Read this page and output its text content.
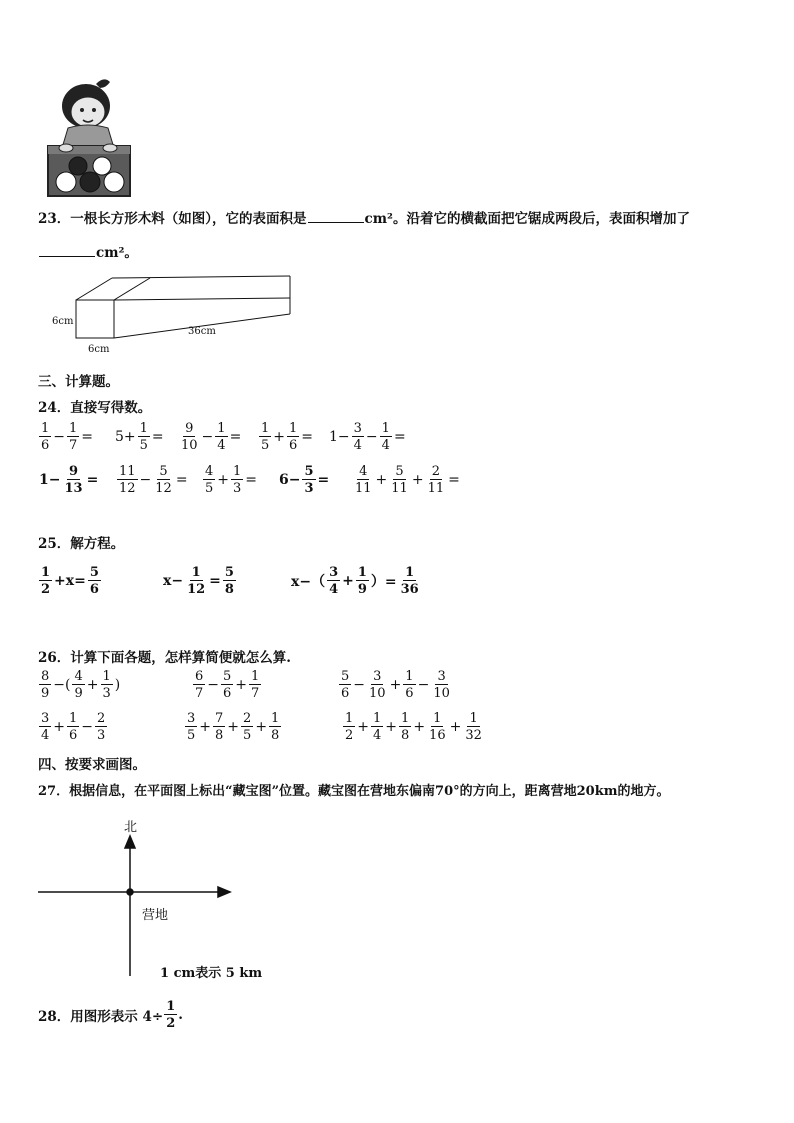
23．一根长方形木料（如图），它的表面积是	cm²。沿着它的横截面把它锯成两段后，表面积增加了
cm²。
6cm
6cm
36cm
三、计算题。
24．直接写得数。
$\frac{1}{6} - \frac{1}{7} = 5+ \frac{1}{5} = \frac{9}{10} - \frac{1}{4} = \frac{1}{5} + \frac{1}{6} = 1- \frac{3}{4} - \frac{1}{4}$ =
$1- \frac{9}{13} = \frac{11}{12} - \frac{5}{12} = \frac{4}{5} + \frac{1}{3} = 6- \frac{5}{3} = \frac{4}{11} + \frac{5}{11} + \frac{2}{11}$ =
25．解方程。
$\frac{1}{2} +x= \frac{5}{6}$	$x- \frac{1}{12} = \frac{5}{8}$	$x-( \frac{3}{4} + \frac{1}{9}$ ）= $\frac{1}{36}$
26．计算下面各题，怎样算简便就怎么算.
$\frac{8}{9}$ −( $\frac{4}{9} + \frac{1}{3}$ )	$\frac{6}{7} - \frac{5}{6} + \frac{1}{7}$	$\frac{5}{6} - \frac{3}{10} + \frac{1}{6} - \frac{3}{10}$
$\frac{3}{4} + \frac{1}{6} - \frac{2}{3}$	$\frac{3}{5} + \frac{7}{8} + \frac{2}{5} + \frac{1}{8}$	$\frac{1}{2} + \frac{1}{4} + \frac{1}{8} + \frac{1}{16} + \frac{1}{32}$
四、按要求画图。
27．根据信息，在平面图上标出“藏宝图”位置。藏宝图在营地东偏南70°的方向上，距离营地20km的地方。
北
营地
1 cm表示 5 km
28．用图形表示 $4\div \frac{1}{2}$ .
